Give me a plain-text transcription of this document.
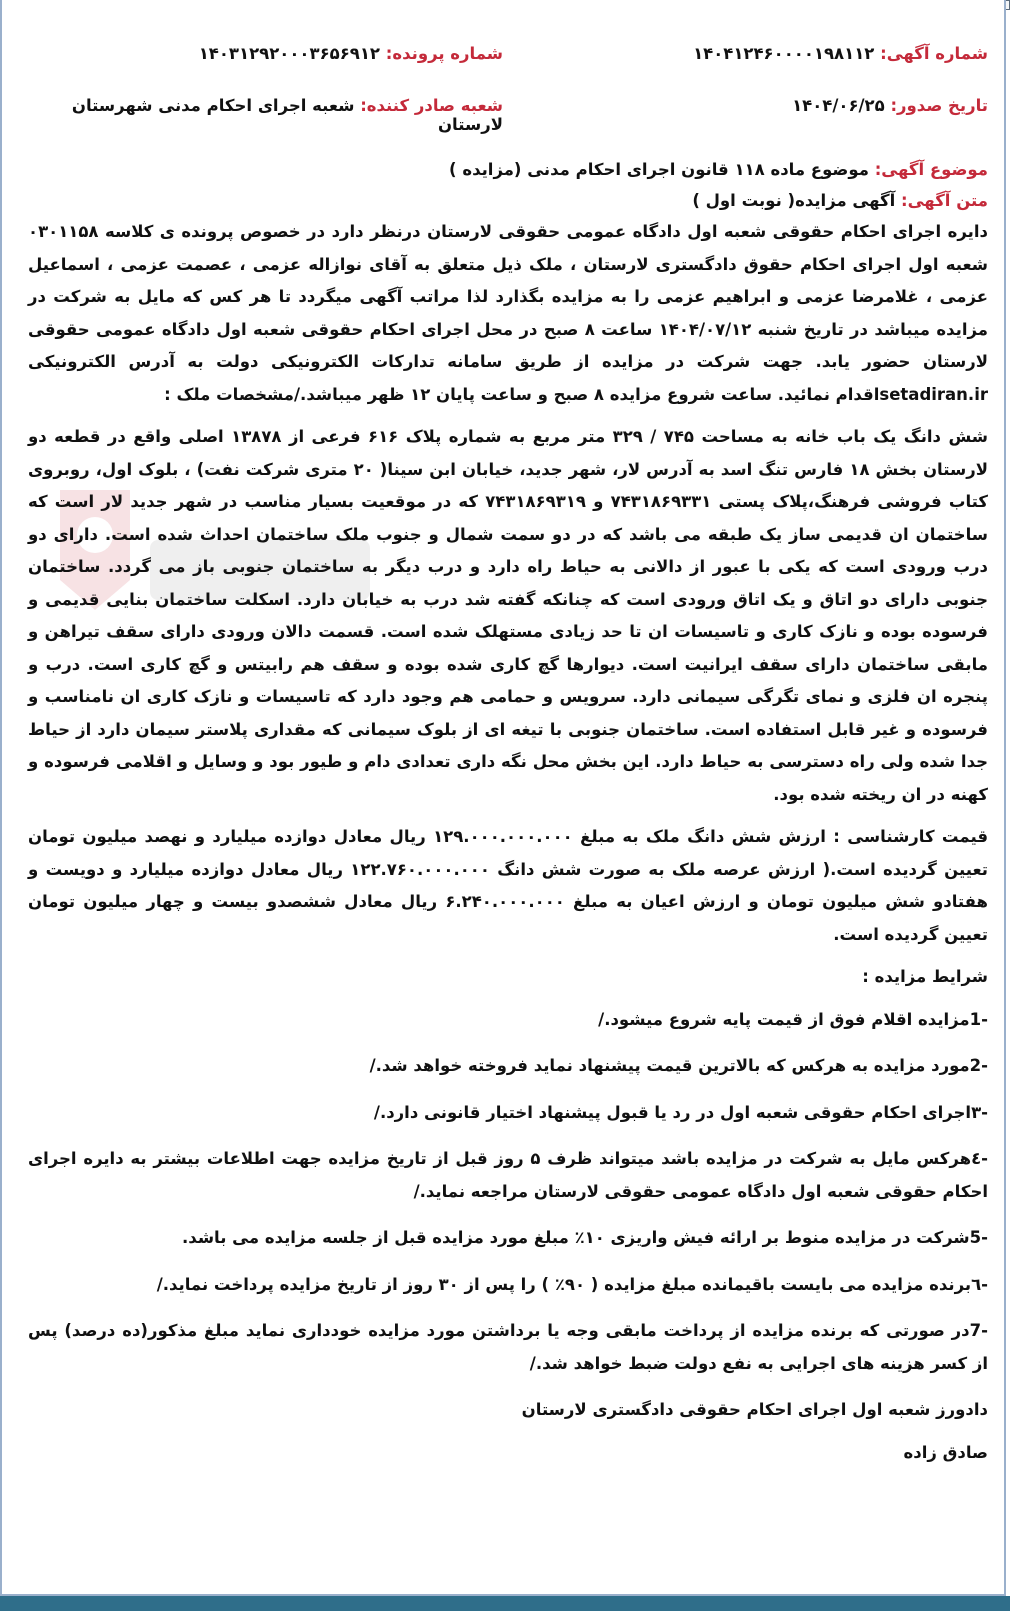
شماره آگهی: ۱۴۰۴۱۲۴۶۰۰۰۰۱۹۸۱۱۲
شماره پرونده: ۱۴۰۳۱۲۹۲۰۰۰۳۶۵۶۹۱۲
تاریخ صدور: ۱۴۰۴/۰۶/۲۵
شعبه صادر کننده: شعبه اجرای احکام مدنی شهرستان لارستان
موضوع آگهی: موضوع ماده ۱۱۸ قانون اجرای احکام مدنی (مزایده )
متن آگهی: آگهی مزایده( نوبت اول )

دایره اجرای احکام حقوقی شعبه اول دادگاه عمومی حقوقی لارستان درنظر دارد در خصوص پرونده ی کلاسه ۰۳۰۱۱۵۸ شعبه اول اجرای احکام حقوق دادگستری لارستان ، ملک ذیل متعلق به آقای نوازاله عزمی ، عصمت عزمی ، اسماعیل عزمی ، غلامرضا عزمی و ابراهیم عزمی را به مزایده بگذارد لذا مراتب آگهی میگردد تا هر کس که مایل به شرکت در مزایده میباشد در تاریخ شنبه ۱۴۰۴/۰۷/۱۲ ساعت ۸ صبح در محل اجرای احکام حقوقی شعبه اول دادگاه عمومی حقوقی لارستان حضور یابد. جهت شرکت در مزایده از طریق سامانه تدارکات الکترونیکی دولت به آدرس الکترونیکی setadiran.irاقدام نمائید. ساعت شروع مزایده ۸ صبح و ساعت پایان ۱۲ ظهر میباشد./مشخصات ملک :

شش دانگ یک باب خانه به مساحت ۷۴۵ / ۳۲۹ متر مربع به شماره پلاک ۶۱۶ فرعی از ۱۳۸۷۸ اصلی واقع در قطعه دو لارستان بخش ۱۸ فارس تنگ اسد به آدرس لار، شهر جدید، خیابان ابن سینا( ۲۰ متری شرکت نفت) ، بلوک اول، روبروی کتاب فروشی فرهنگ،پلاک پستی ۷۴۳۱۸۶۹۳۳۱ و ۷۴۳۱۸۶۹۳۱۹ که در موقعیت بسیار مناسب در شهر جدید لار است که ساختمان ان قدیمی ساز یک طبقه می باشد که در دو سمت شمال و جنوب ملک ساختمان احداث شده است. دارای دو درب ورودی است که یکی با عبور از دالانی به حیاط راه دارد و درب دیگر به ساختمان جنوبی باز می گردد. ساختمان جنوبی دارای دو اتاق و یک اتاق ورودی است که چنانکه گفته شد درب به خیابان دارد. اسکلت ساختمان بنایی قدیمی و فرسوده بوده و نازک کاری و تاسیسات ان تا حد زیادی مستهلک شده است. قسمت دالان ورودی دارای سقف تیراهن و مابقی ساختمان دارای سقف ایرانیت است. دیوارها گچ کاری شده بوده و سقف هم رابیتس و گچ کاری است. درب و پنجره ان فلزی و نمای تگرگی سیمانی دارد. سرویس و حمامی هم وجود دارد که تاسیسات و نازک کاری ان نامناسب و فرسوده و غیر قابل استفاده است. ساختمان جنوبی با تیغه ای از بلوک سیمانی که مقداری پلاستر سیمان دارد از حیاط جدا شده ولی راه دسترسی به حیاط دارد. این بخش محل نگه داری تعدادی دام و طیور بود و وسایل و اقلامی فرسوده و کهنه در ان ریخته شده بود.

قیمت کارشناسی : ارزش شش دانگ ملک به مبلغ ۱۲۹.۰۰۰.۰۰۰.۰۰۰ ریال معادل دوازده میلیارد و نهصد میلیون تومان تعیین گردیده است.( ارزش عرصه ملک به صورت شش دانگ ۱۲۲.۷۶۰.۰۰۰.۰۰۰ ریال معادل دوازده میلیارد و دویست و هفتادو شش میلیون تومان و ارزش اعیان به مبلغ ۶.۲۴۰.۰۰۰.۰۰۰ ریال معادل ششصدو بیست و چهار میلیون تومان تعیین گردیده است.

شرایط مزایده :

-1مزایده اقلام فوق از قیمت پایه شروع میشود./

-2مورد مزایده به هرکس که بالاترین قیمت پیشنهاد نماید فروخته خواهد شد./

-۳اجرای احکام حقوقی شعبه اول در رد یا قبول پیشنهاد اختیار قانونی دارد./

-٤هرکس مایل به شرکت در مزایده باشد میتواند ظرف ۵ روز قبل از تاریخ مزایده جهت اطلاعات بیشتر به دایره اجرای احکام حقوقی شعبه اول دادگاه عمومی حقوقی لارستان مراجعه نماید./

-5شرکت در مزایده منوط بر ارائه فیش واریزی ۱۰٪ مبلغ مورد مزایده قبل از جلسه مزایده می باشد.

-٦برنده مزایده می بایست باقیمانده مبلغ مزایده ( ۹۰٪ ) را پس از ۳۰ روز از تاریخ مزایده پرداخت نماید./

-7در صورتی که برنده مزایده از پرداخت مابقی وجه یا برداشتن مورد مزایده خودداری نماید مبلغ مذکور(ده درصد) پس از کسر هزینه های اجرایی به نفع دولت ضبط خواهد شد./

دادورز شعبه اول اجرای احکام حقوقی دادگستری لارستان

صادق زاده
